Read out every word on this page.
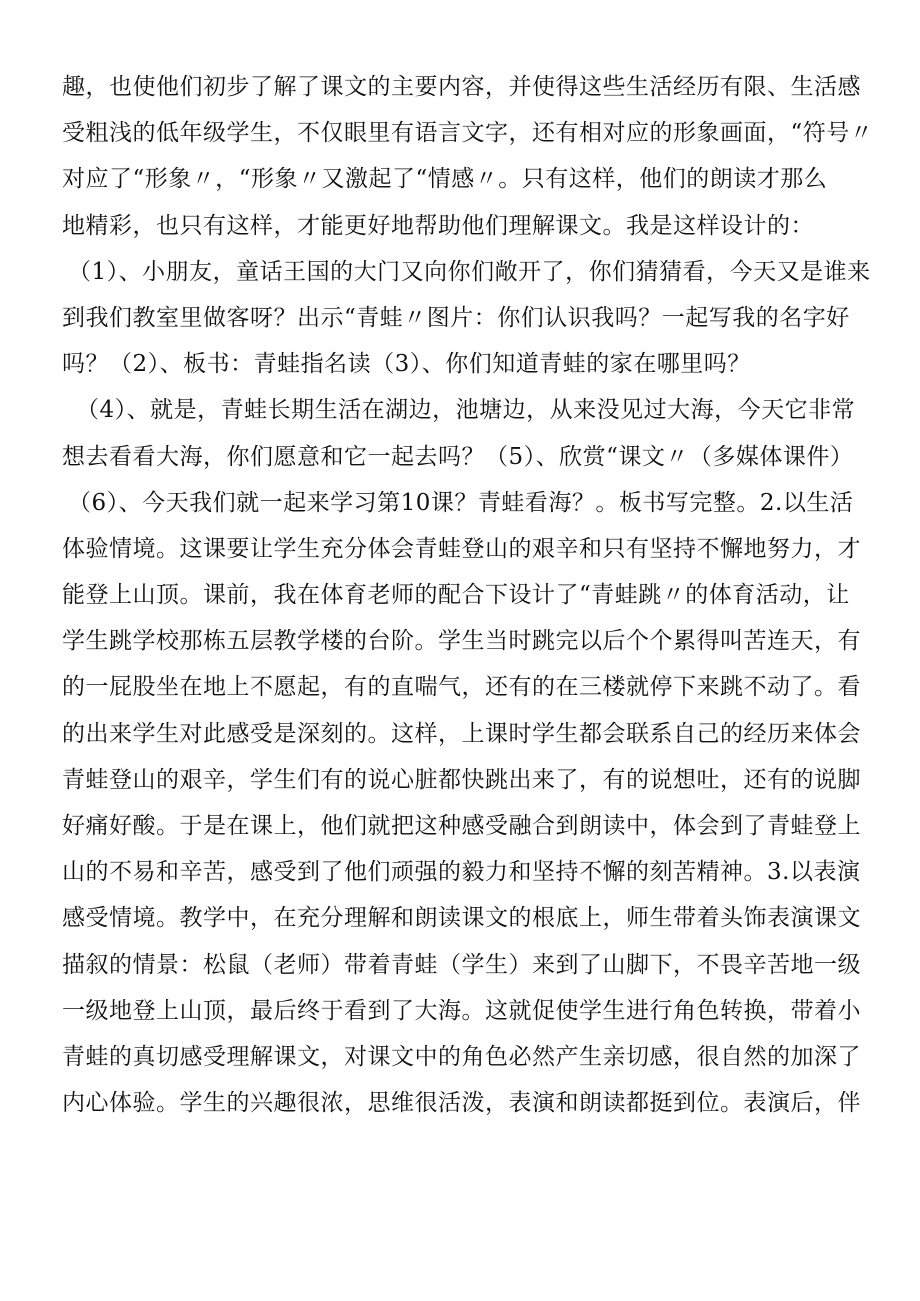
趣，也使他们初步了解了课文的主要内容，并使得这些生活经历有限、生活感
受粗浅的低年级学生，不仅眼里有语言文字，还有相对应的形象画面，“符号〃
对应了“形象〃，“形象〃又激起了“情感〃。只有这样，他们的朗读才那么
地精彩，也只有这样，才能更好地帮助他们理解课文。我是这样设计的：
（1）、小朋友，童话王国的大门又向你们敞开了，你们猜猜看，今天又是谁来
到我们教室里做客呀？出示“青蛙〃图片：你们认识我吗？一起写我的名字好
吗？（2）、板书：青蛙指名读（3）、你们知道青蛙的家在哪里吗？
（4）、就是，青蛙长期生活在湖边，池塘边，从来没见过大海，今天它非常
想去看看大海，你们愿意和它一起去吗？（5）、欣赏“课文〃（多媒体课件）
（6）、今天我们就一起来学习第10课？青蛙看海？。板书写完整。2.以生活
体验情境。这课要让学生充分体会青蛙登山的艰辛和只有坚持不懈地努力，才
能登上山顶。课前，我在体育老师的配合下设计了“青蛙跳〃的体育活动，让
学生跳学校那栋五层教学楼的台阶。学生当时跳完以后个个累得叫苦连天，有
的一屁股坐在地上不愿起，有的直喘气，还有的在三楼就停下来跳不动了。看
的出来学生对此感受是深刻的。这样，上课时学生都会联系自己的经历来体会
青蛙登山的艰辛，学生们有的说心脏都快跳出来了，有的说想吐，还有的说脚
好痛好酸。于是在课上，他们就把这种感受融合到朗读中，体会到了青蛙登上
山的不易和辛苦，感受到了他们顽强的毅力和坚持不懈的刻苦精神。3.以表演
感受情境。教学中，在充分理解和朗读课文的根底上，师生带着头饰表演课文
描叙的情景：松鼠（老师）带着青蛙（学生）来到了山脚下，不畏辛苦地一级
一级地登上山顶，最后终于看到了大海。这就促使学生进行角色转换，带着小
青蛙的真切感受理解课文，对课文中的角色必然产生亲切感，很自然的加深了
内心体验。学生的兴趣很浓，思维很活泼，表演和朗读都挺到位。表演后，伴
